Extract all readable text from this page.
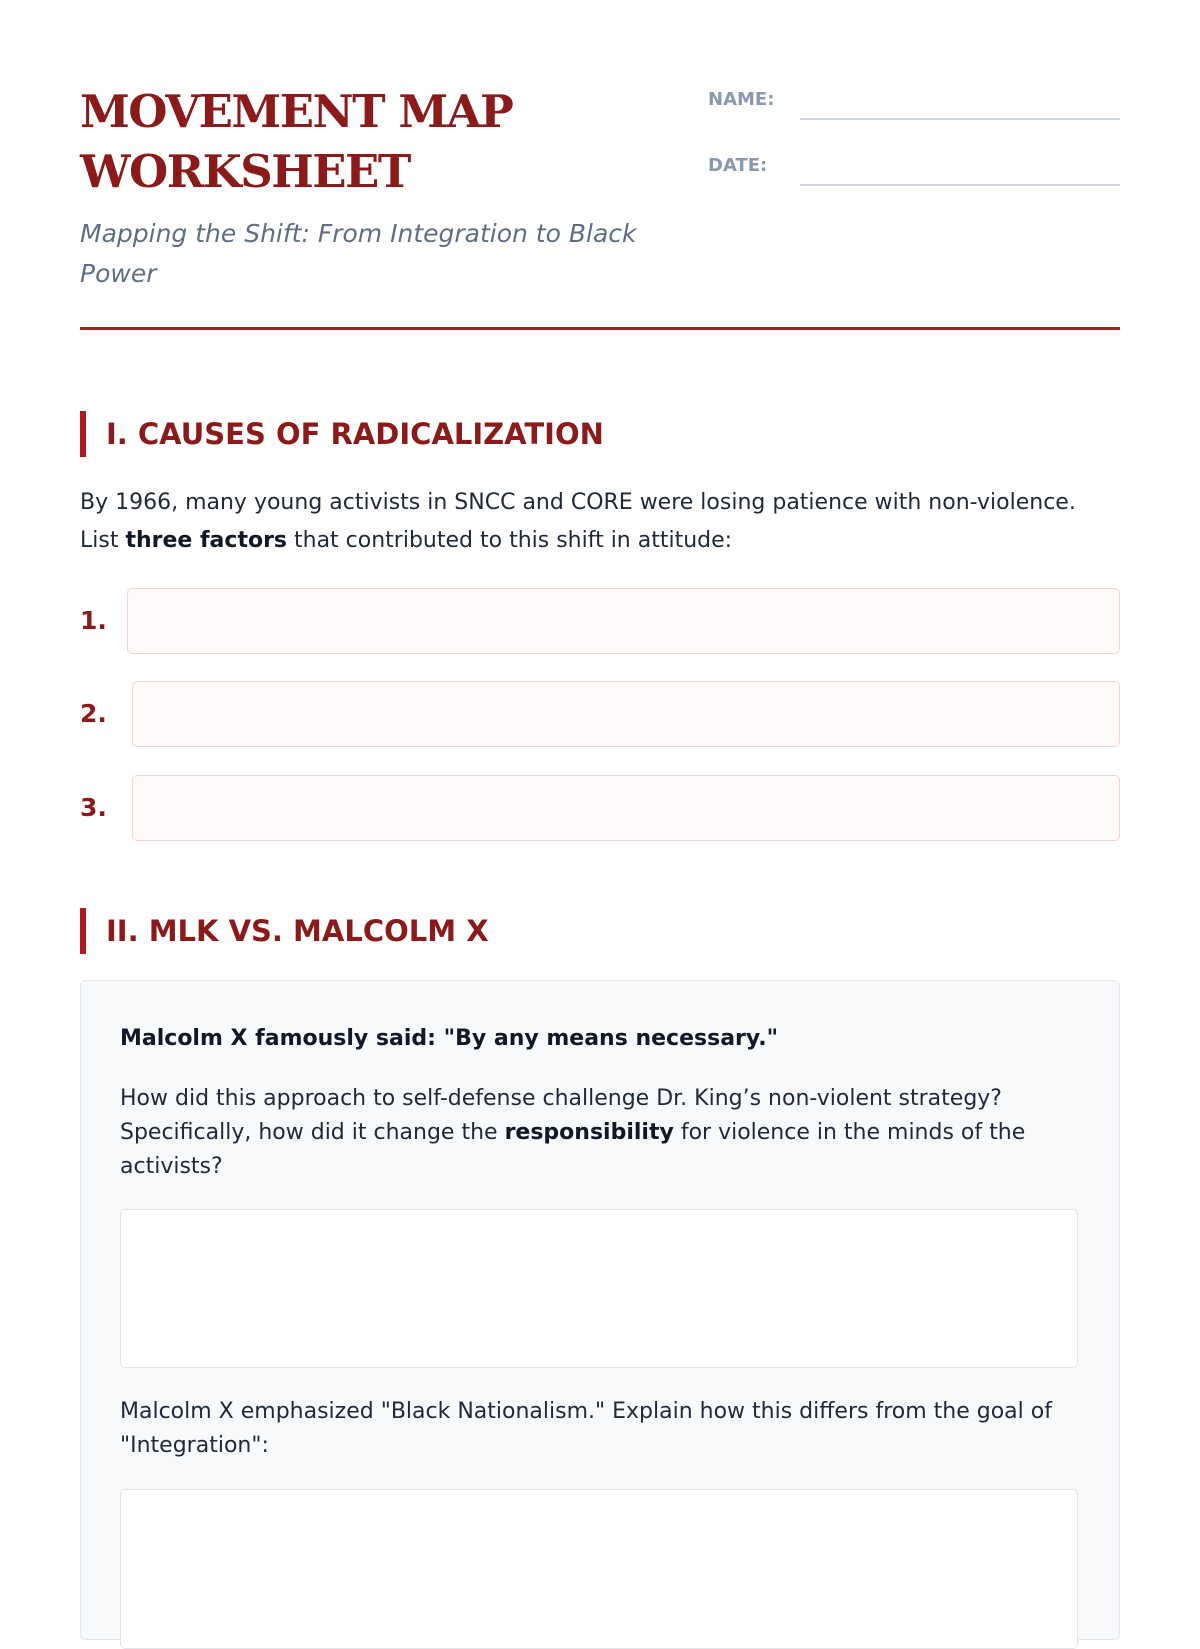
MOVEMENT MAP
WORKSHEET

Mapping the Shift: From Integration to Black Power

NAME:
DATE:
I. CAUSES OF RADICALIZATION

By 1966, many young activists in SNCC and CORE were losing patience with non-violence. List three factors that contributed to this shift in attitude:

1.
2.
3.
II. MLK VS. MALCOLM X

Malcolm X famously said: "By any means necessary."

How did this approach to self-defense challenge Dr. King’s non-violent strategy? Specifically, how did it change the responsibility for violence in the minds of the activists?

Malcolm X emphasized "Black Nationalism." Explain how this differs from the goal of "Integration":
